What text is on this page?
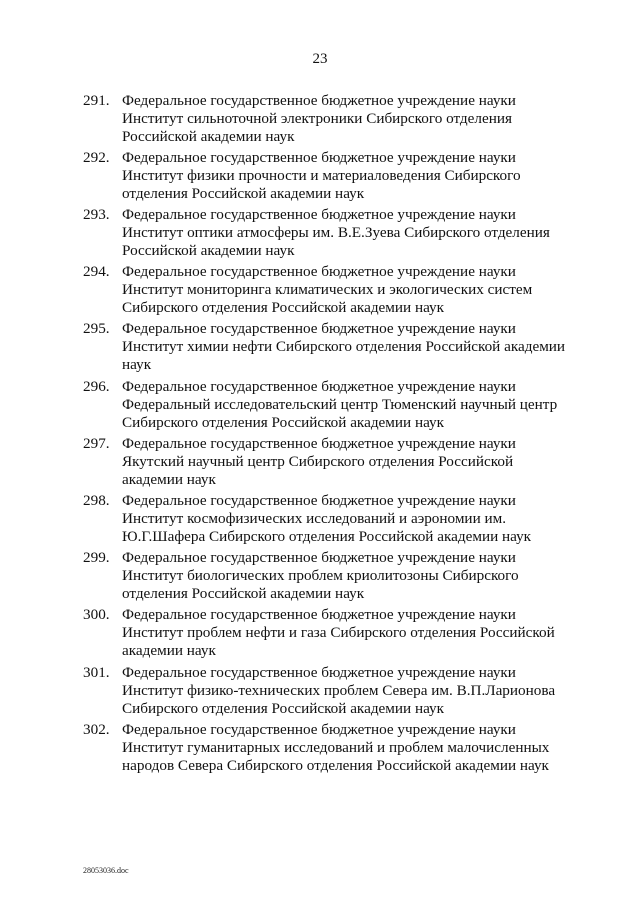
23
291. Федеральное государственное бюджетное учреждение науки
Институт сильноточной электроники Сибирского отделения
Российской академии наук
292. Федеральное государственное бюджетное учреждение науки
Институт физики прочности и материаловедения Сибирского
отделения Российской академии наук
293. Федеральное государственное бюджетное учреждение науки
Институт оптики атмосферы им. В.Е.Зуева Сибирского отделения
Российской академии наук
294. Федеральное государственное бюджетное учреждение науки
Институт мониторинга климатических и экологических систем
Сибирского отделения Российской академии наук
295. Федеральное государственное бюджетное учреждение науки
Институт химии нефти Сибирского отделения Российской академии
наук
296. Федеральное государственное бюджетное учреждение науки
Федеральный исследовательский центр Тюменский научный центр
Сибирского отделения Российской академии наук
297. Федеральное государственное бюджетное учреждение науки
Якутский научный центр Сибирского отделения Российской
академии наук
298. Федеральное государственное бюджетное учреждение науки
Институт космофизических исследований и аэрономии им.
Ю.Г.Шафера Сибирского отделения Российской академии наук
299. Федеральное государственное бюджетное учреждение науки
Институт биологических проблем криолитозоны Сибирского
отделения Российской академии наук
300. Федеральное государственное бюджетное учреждение науки
Институт проблем нефти и газа Сибирского отделения Российской
академии наук
301. Федеральное государственное бюджетное учреждение науки
Институт физико-технических проблем Севера им. В.П.Ларионова
Сибирского отделения Российской академии наук
302. Федеральное государственное бюджетное учреждение науки
Институт гуманитарных исследований и проблем малочисленных
народов Севера Сибирского отделения Российской академии наук
28053036.doc
